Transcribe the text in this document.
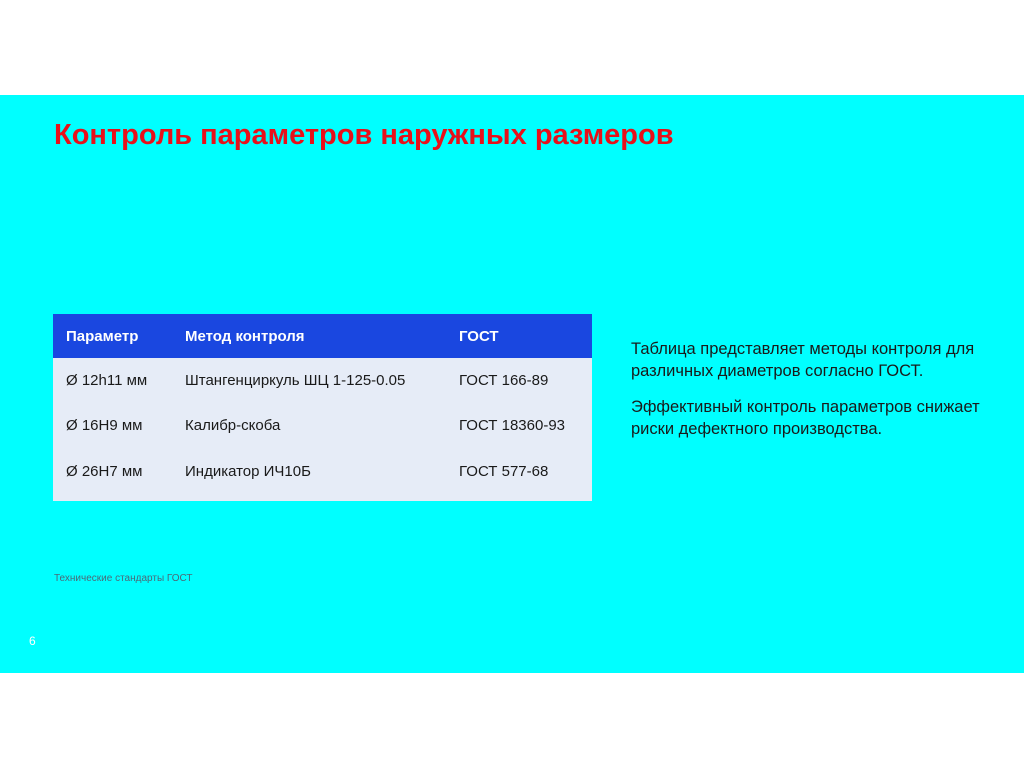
Контроль параметров наружных размеров
Параметр	Метод контроля	ГОСТ
Ø 12h11 мм	Штангенциркуль ШЦ 1-125-0.05	ГОСТ 166-89
Ø 16H9 мм	Калибр-скоба	ГОСТ 18360-93
Ø 26H7 мм	Индикатор ИЧ10Б	ГОСТ 577-68

Таблица представляет методы контроля для различных диаметров согласно ГОСТ.

Эффективный контроль параметров снижает риски дефектного производства.

Технические стандарты ГОСТ
6
